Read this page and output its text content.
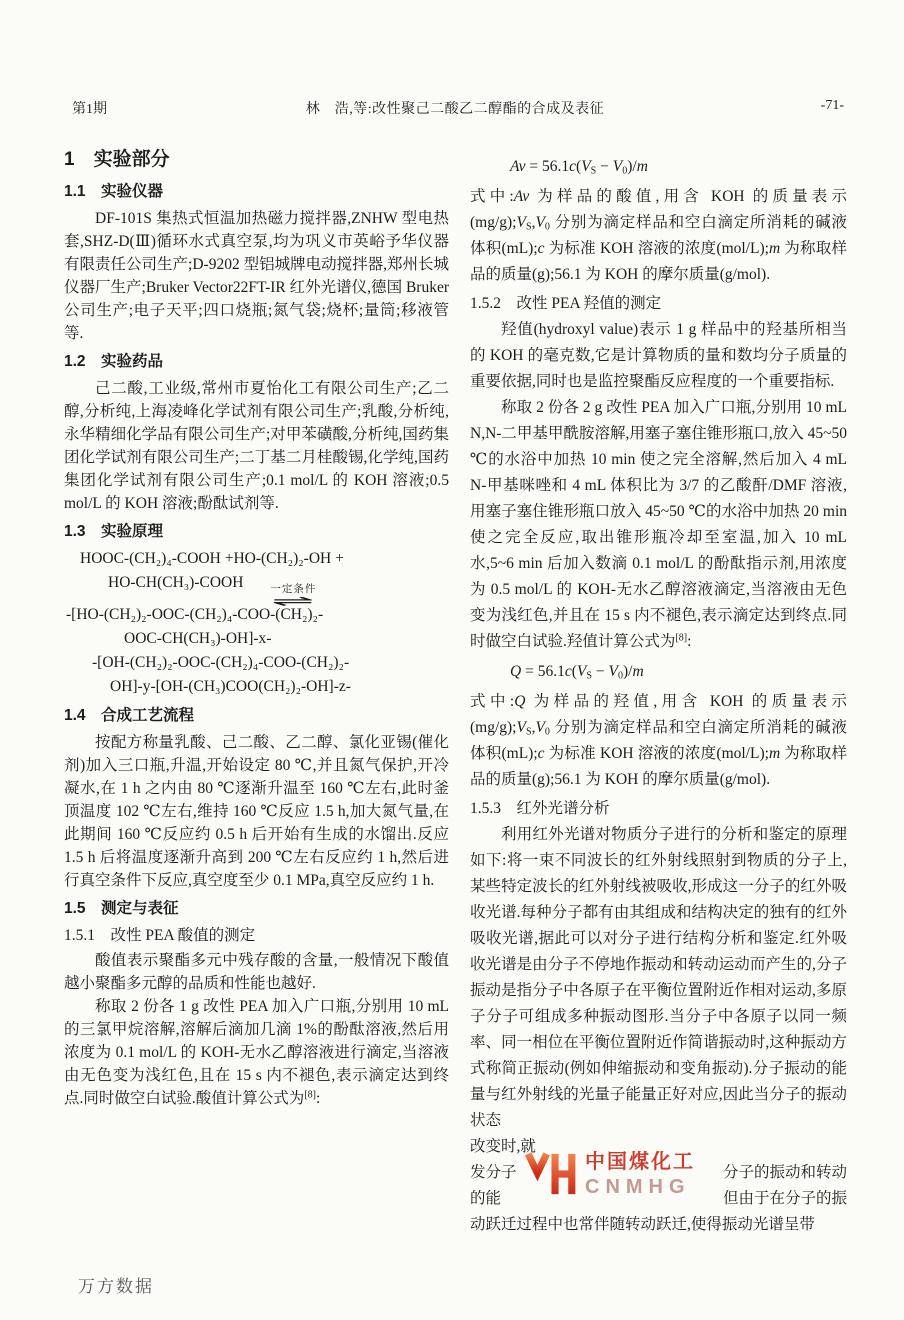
第1期	林　浩,等:改性聚己二酸乙二醇酯的合成及表征	-71-
1　实验部分
1.1　实验仪器

DF-101S 集热式恒温加热磁力搅拌器,ZNHW 型电热套,SHZ-D(Ⅲ)循环水式真空泵,均为巩义市英峪予华仪器有限责任公司生产;D-9202 型铝城牌电动搅拌器,郑州长城仪器厂生产;Bruker Vector22FT-IR 红外光谱仪,德国 Bruker 公司生产;电子天平;四口烧瓶;氮气袋;烧杯;量筒;移液管等.

1.2　实验药品

己二酸,工业级,常州市夏怡化工有限公司生产;乙二醇,分析纯,上海凌峰化学试剂有限公司生产;乳酸,分析纯,永华精细化学品有限公司生产;对甲苯磺酸,分析纯,国药集团化学试剂有限公司生产;二丁基二月桂酸锡,化学纯,国药集团化学试剂有限公司生产;0.1 mol/L 的 KOH 溶液;0.5 mol/L 的 KOH 溶液;酚酞试剂等.

1.3　实验原理
HOOC-(CH₂)₄-COOH +HO-(CH₂)₂-OH +
HO-CH(CH₃)-COOH	一定条件
⇌
-[HO-(CH₂)₂-OOC-(CH₂)₄-COO-(CH₂)₂-
OOC-CH(CH₃)-OH]-x-
-[OH-(CH₂)₂-OOC-(CH₂)₄-COO-(CH₂)₂-
OH]-y-[OH-(CH₃)COO(CH₂)₂-OH]-z-
1.4　合成工艺流程

按配方称量乳酸、己二酸、乙二醇、氯化亚锡(催化剂)加入三口瓶,升温,开始设定 80 ℃,并且氮气保护,开冷凝水,在 1 h 之内由 80 ℃逐渐升温至 160 ℃左右,此时釜顶温度 102 ℃左右,维持 160 ℃反应 1.5 h,加大氮气量,在此期间 160 ℃反应约 0.5 h 后开始有生成的水馏出.反应 1.5 h 后将温度逐渐升高到 200 ℃左右反应约 1 h,然后进行真空条件下反应,真空度至少 0.1 MPa,真空反应约 1 h.

1.5　测定与表征
1.5.1　改性 PEA 酸值的测定

酸值表示聚酯多元中残存酸的含量,一般情况下酸值越小聚酯多元醇的品质和性能也越好.

称取 2 份各 1 g 改性 PEA 加入广口瓶,分别用 10 mL 的三氯甲烷溶解,溶解后滴加几滴 1%的酚酞溶液,然后用浓度为 0.1 mol/L 的 KOH-无水乙醇溶液进行滴定,当溶液由无色变为浅红色,且在 15 s 内不褪色,表示滴定达到终点.同时做空白试验.酸值计算公式为[8]:

$Av = 56.1c(V_S - V_0)/m$

式中:Av 为样品的酸值,用含 KOH 的质量表示$(mg/g);V_S,V_0$ 分别为滴定样品和空白滴定所消耗的碱液体积(mL);c 为标准 KOH 溶液的浓度(mol/L);m 为称取样品的质量(g);56.1 为 KOH 的摩尔质量(g/mol).

1.5.2　改性 PEA 羟值的测定

羟值(hydroxyl value)表示 1 g 样品中的羟基所相当的 KOH 的毫克数,它是计算物质的量和数均分子质量的重要依据,同时也是监控聚酯反应程度的一个重要指标.

称取 2 份各 2 g 改性 PEA 加入广口瓶,分别用 10 mL N,N-二甲基甲酰胺溶解,用塞子塞住锥形瓶口,放入 45~50 ℃的水浴中加热 10 min 使之完全溶解,然后加入 4 mL N-甲基咪唑和 4 mL 体积比为 3/7 的乙酸酐/DMF 溶液,用塞子塞住锥形瓶口放入 45~50 ℃的水浴中加热 20 min 使之完全反应,取出锥形瓶冷却至室温,加入 10 mL 水,5~6 min 后加入数滴 0.1 mol/L 的酚酞指示剂,用浓度为 0.5 mol/L 的 KOH-无水乙醇溶液滴定,当溶液由无色变为浅红色,并且在 15 s 内不褪色,表示滴定达到终点.同时做空白试验.羟值计算公式为[8]:

$Q = 56.1c(V_S - V_0)/m$

式中:Q 为样品的羟值,用含 KOH 的质量表示$(mg/g);V_S,V_0$ 分别为滴定样品和空白滴定所消耗的碱液体积(mL);c 为标准 KOH 溶液的浓度(mol/L);m 为称取样品的质量(g);56.1 为 KOH 的摩尔质量(g/mol).

1.5.3　红外光谱分析

利用红外光谱对物质分子进行的分析和鉴定的原理如下:将一束不同波长的红外射线照射到物质的分子上,某些特定波长的红外射线被吸收,形成这一分子的红外吸收光谱.每种分子都有由其组成和结构决定的独有的红外吸收光谱,据此可以对分子进行结构分析和鉴定.红外吸收光谱是由分子不停地作振动和转动运动而产生的,分子振动是指分子中各原子在平衡位置附近作相对运动,多原子分子可组成多种振动图形.当分子中各原子以同一频率、同一相位在平衡位置附近作简谐振动时,这种振动方式称简正振动(例如伸缩振动和变角振动).分子振动的能量与红外射线的光量子能量正好对应,因此当分子的振动状态

改变时,就
发分子	分子的振动和转动
的能	但由于在分子的振
动跃迁过程中也常伴随转动跃迁,使得振动光谱呈带
中国煤化工
CNMHG
万方数据
